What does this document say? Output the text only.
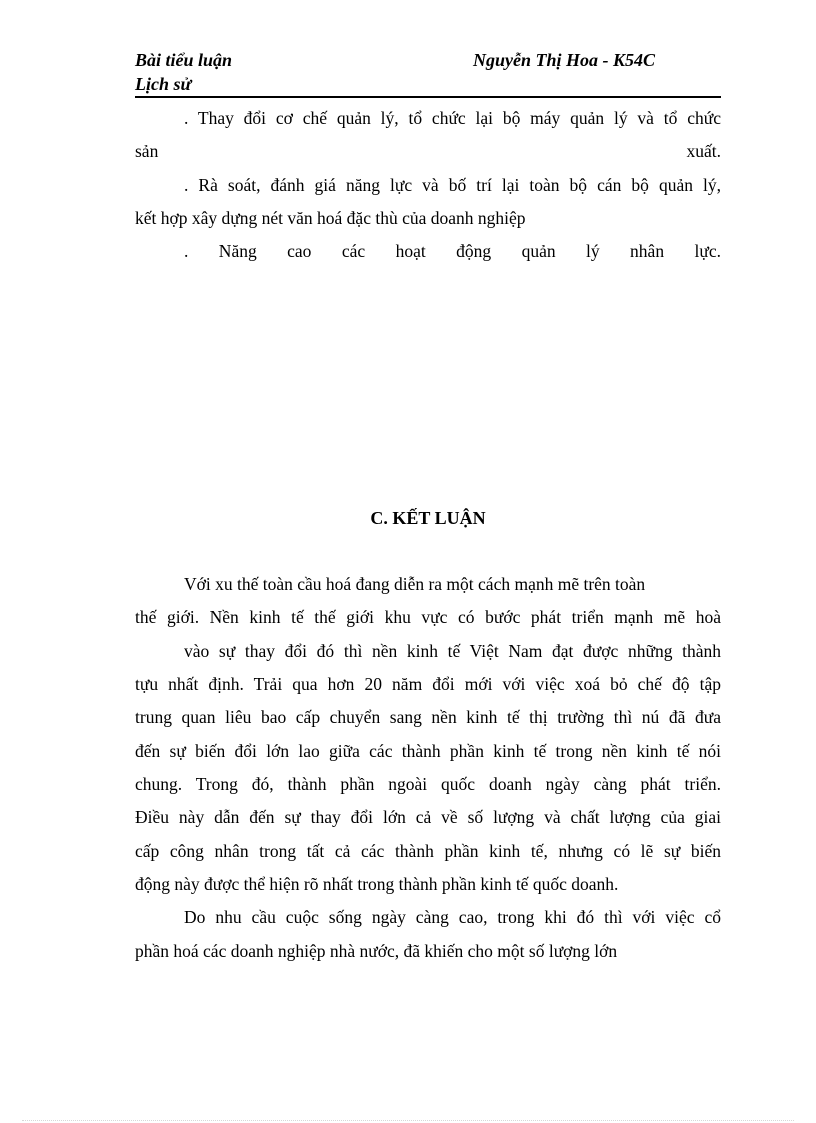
Bài tiểu luận
Lịch sử
Nguyễn Thị Hoa - K54C
. Thay đổi cơ chế quản lý, tổ chức lại bộ máy quản lý và tổ chức
sản xuất.
. Rà soát, đánh giá năng lực và bố trí lại toàn bộ cán bộ quản lý,
kết hợp xây dựng nét văn hoá đặc thù của doanh nghiệp
. Năng cao các hoạt động quản lý nhân lực.
C. KẾT LUẬN
Với xu thế toàn cầu hoá đang diễn ra một cách mạnh mẽ trên toàn
thế giới. Nền kinh tế thế giới khu vực có bước phát triển mạnh mẽ hoà
vào sự thay đổi đó thì nền kinh tế Việt Nam đạt được những thành
tựu nhất định. Trải qua hơn 20 năm đổi mới với việc xoá bỏ chế độ tập
trung quan liêu bao cấp chuyển sang nền kinh tế thị trường thì nú đã đưa
đến sự biến đổi lớn lao giữa các thành phần kinh tế trong nền kinh tế nói
chung. Trong đó, thành phần ngoài quốc doanh ngày càng phát triển.
Điều này dẫn đến sự thay đổi lớn cả về số lượng và chất lượng của giai
cấp công nhân trong tất cả các thành phần kinh tế, nhưng có lẽ sự biến
động này được thể hiện rõ nhất trong thành phần kinh tế quốc doanh.
Do nhu cầu cuộc sống ngày càng cao, trong khi đó thì với việc cổ
phần hoá các doanh nghiệp nhà nước, đã khiến cho một số lượng lớn
